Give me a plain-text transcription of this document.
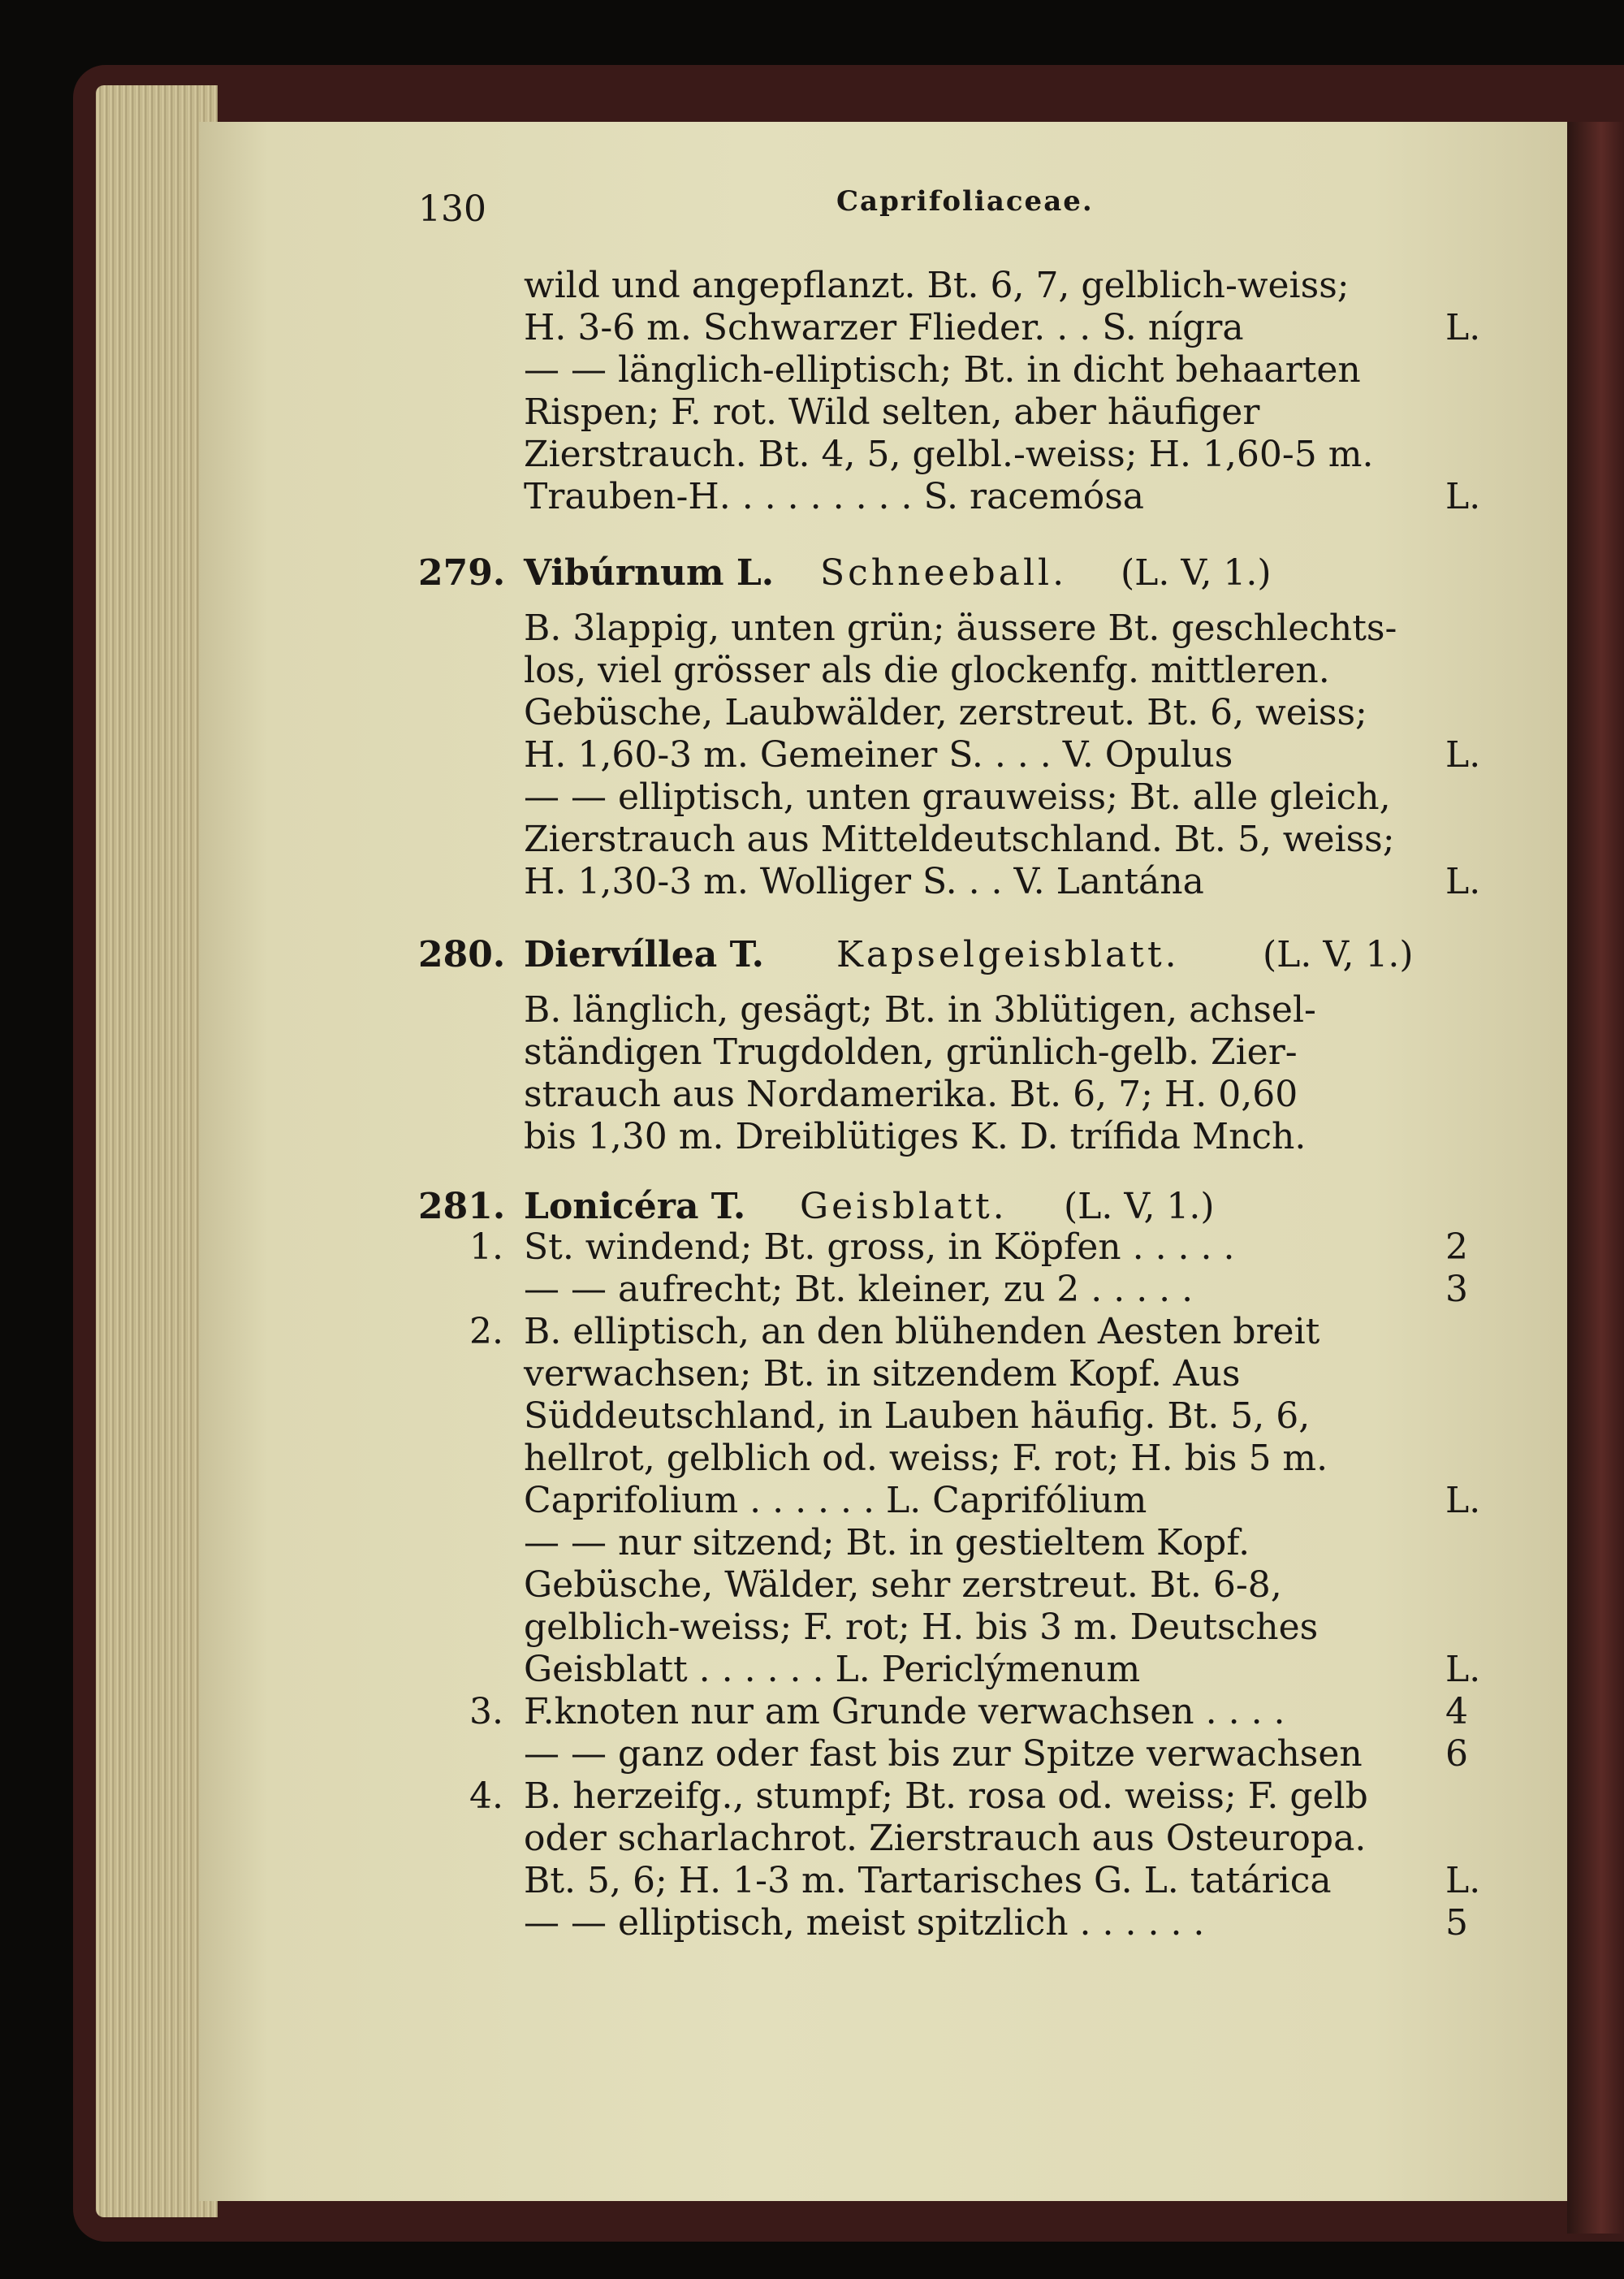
130	Caprifoliaceae.
wild und angepflanzt. Bt. 6, 7, gelblich-weiss;
H. 3-6 m. Schwarzer Flieder. . . S. nígra	L.
— — länglich-elliptisch; Bt. in dicht behaarten
Rispen; F. rot. Wild selten, aber häufiger
Zierstrauch. Bt. 4, 5, gelbl.-weiss; H. 1,60-5 m.
Trauben-H. . . . . . . . . S. racemósa	L.
279. Vibúrnum L. Schneeball. (L. V, 1.)
B. 3lappig, unten grün; äussere Bt. geschlechts-
los, viel grösser als die glockenfg. mittleren.
Gebüsche, Laubwälder, zerstreut. Bt. 6, weiss;
H. 1,60-3 m. Gemeiner S. . . . V. Opulus	L.
— — elliptisch, unten grauweiss; Bt. alle gleich,
Zierstrauch aus Mitteldeutschland. Bt. 5, weiss;
H. 1,30-3 m. Wolliger S. . . V. Lantána	L.
280. Diervíllea T. Kapselgeisblatt. (L. V, 1.)
B. länglich, gesägt; Bt. in 3blütigen, achsel-
ständigen Trugdolden, grünlich-gelb. Zier-
strauch aus Nordamerika. Bt. 6, 7; H. 0,60
bis 1,30 m. Dreiblütiges K. D. trífida Mnch.
281. Lonicéra T. Geisblatt. (L. V, 1.)
1. St. windend; Bt. gross, in Köpfen . . . . .	2
— — aufrecht; Bt. kleiner, zu 2 . . . . .	3
2. B. elliptisch, an den blühenden Aesten breit
verwachsen; Bt. in sitzendem Kopf. Aus
Süddeutschland, in Lauben häufig. Bt. 5, 6,
hellrot, gelblich od. weiss; F. rot; H. bis 5 m.
Caprifolium . . . . . . L. Caprifólium	L.
— — nur sitzend; Bt. in gestieltem Kopf.
Gebüsche, Wälder, sehr zerstreut. Bt. 6-8,
gelblich-weiss; F. rot; H. bis 3 m. Deutsches
Geisblatt . . . . . . L. Periclýmenum	L.
3. F.knoten nur am Grunde verwachsen . . . .	4
— — ganz oder fast bis zur Spitze verwachsen 6
4. B. herzeifg., stumpf; Bt. rosa od. weiss; F. gelb
oder scharlachrot. Zierstrauch aus Osteuropa.
Bt. 5, 6; H. 1-3 m. Tartarisches G. L. tatárica	L.
— — elliptisch, meist spitzlich . . . . . .	5
